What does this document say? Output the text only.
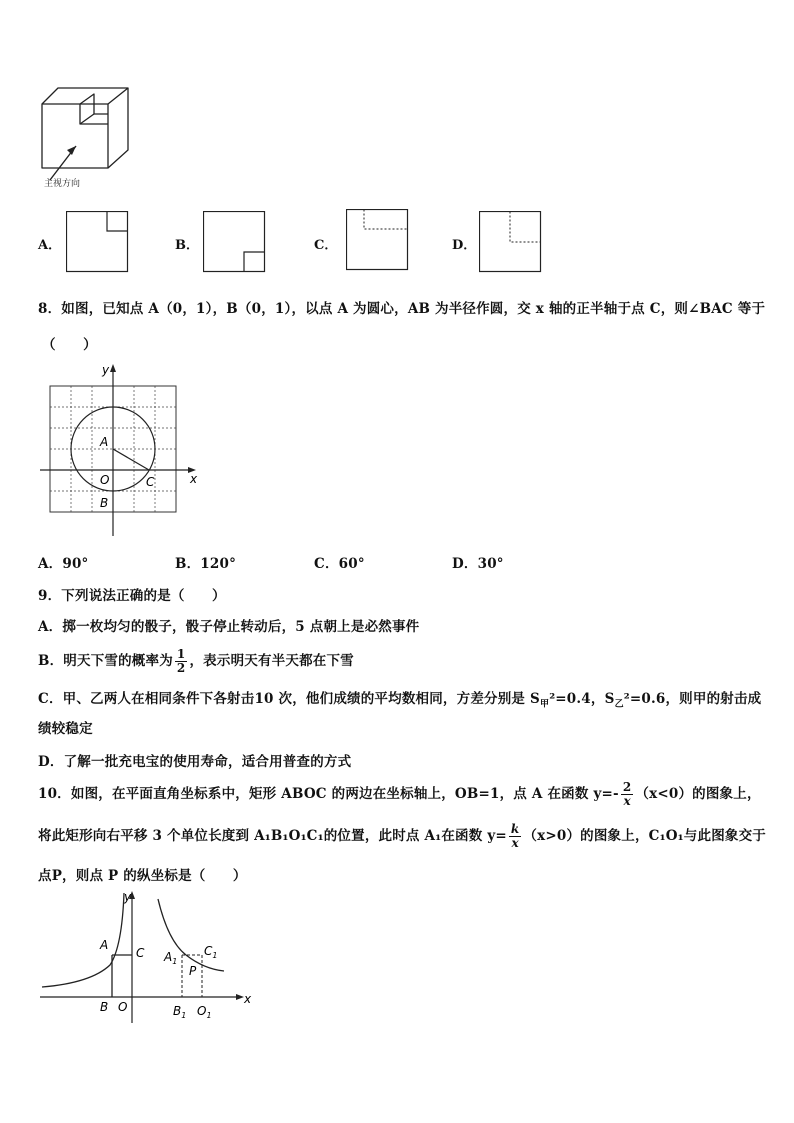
主视方向
A．	B．	C．	D．
8．如图，已知点 A（0，1），B（0，1），以点 A 为圆心，AB 为半径作圆，交 x 轴的正半轴于点 C，则∠BAC 等于
（　　）
y
x
A
O	C
B
A．90°	B．120°	C．60°	D．30°
9．下列说法正确的是（　　）
A．掷一枚均匀的骰子，骰子停止转动后，5 点朝上是必然事件
B．明天下雪的概率为 $\frac{1}{2}$ ，表示明天有半天都在下雪
C．甲、乙两人在相同条件下各射击10 次，他们成绩的平均数相同，方差分别是 $S_甲^2=0.4$，$S_乙^2=0.6$，则甲的射击成
绩较稳定
D．了解一批充电宝的使用寿命，适合用普查的方式
10．如图，在平面直角坐标系中，矩形 ABOC 的两边在坐标轴上，OB=1，点 A 在函数 $y=- \frac{2}{x} (x<0)$的图象上，
将此矩形向右平移 3 个单位长度到 A₁B₁O₁C₁的位置，此时点 A₁在函数 $y= \frac{k}{x} (x>0)$的图象上，C₁O₁与此图象交于
点P，则点 P 的纵坐标是（　　）
y
x
A
C
B O
$A_1$
$C_1$
P
$B_1$ $O_1$
